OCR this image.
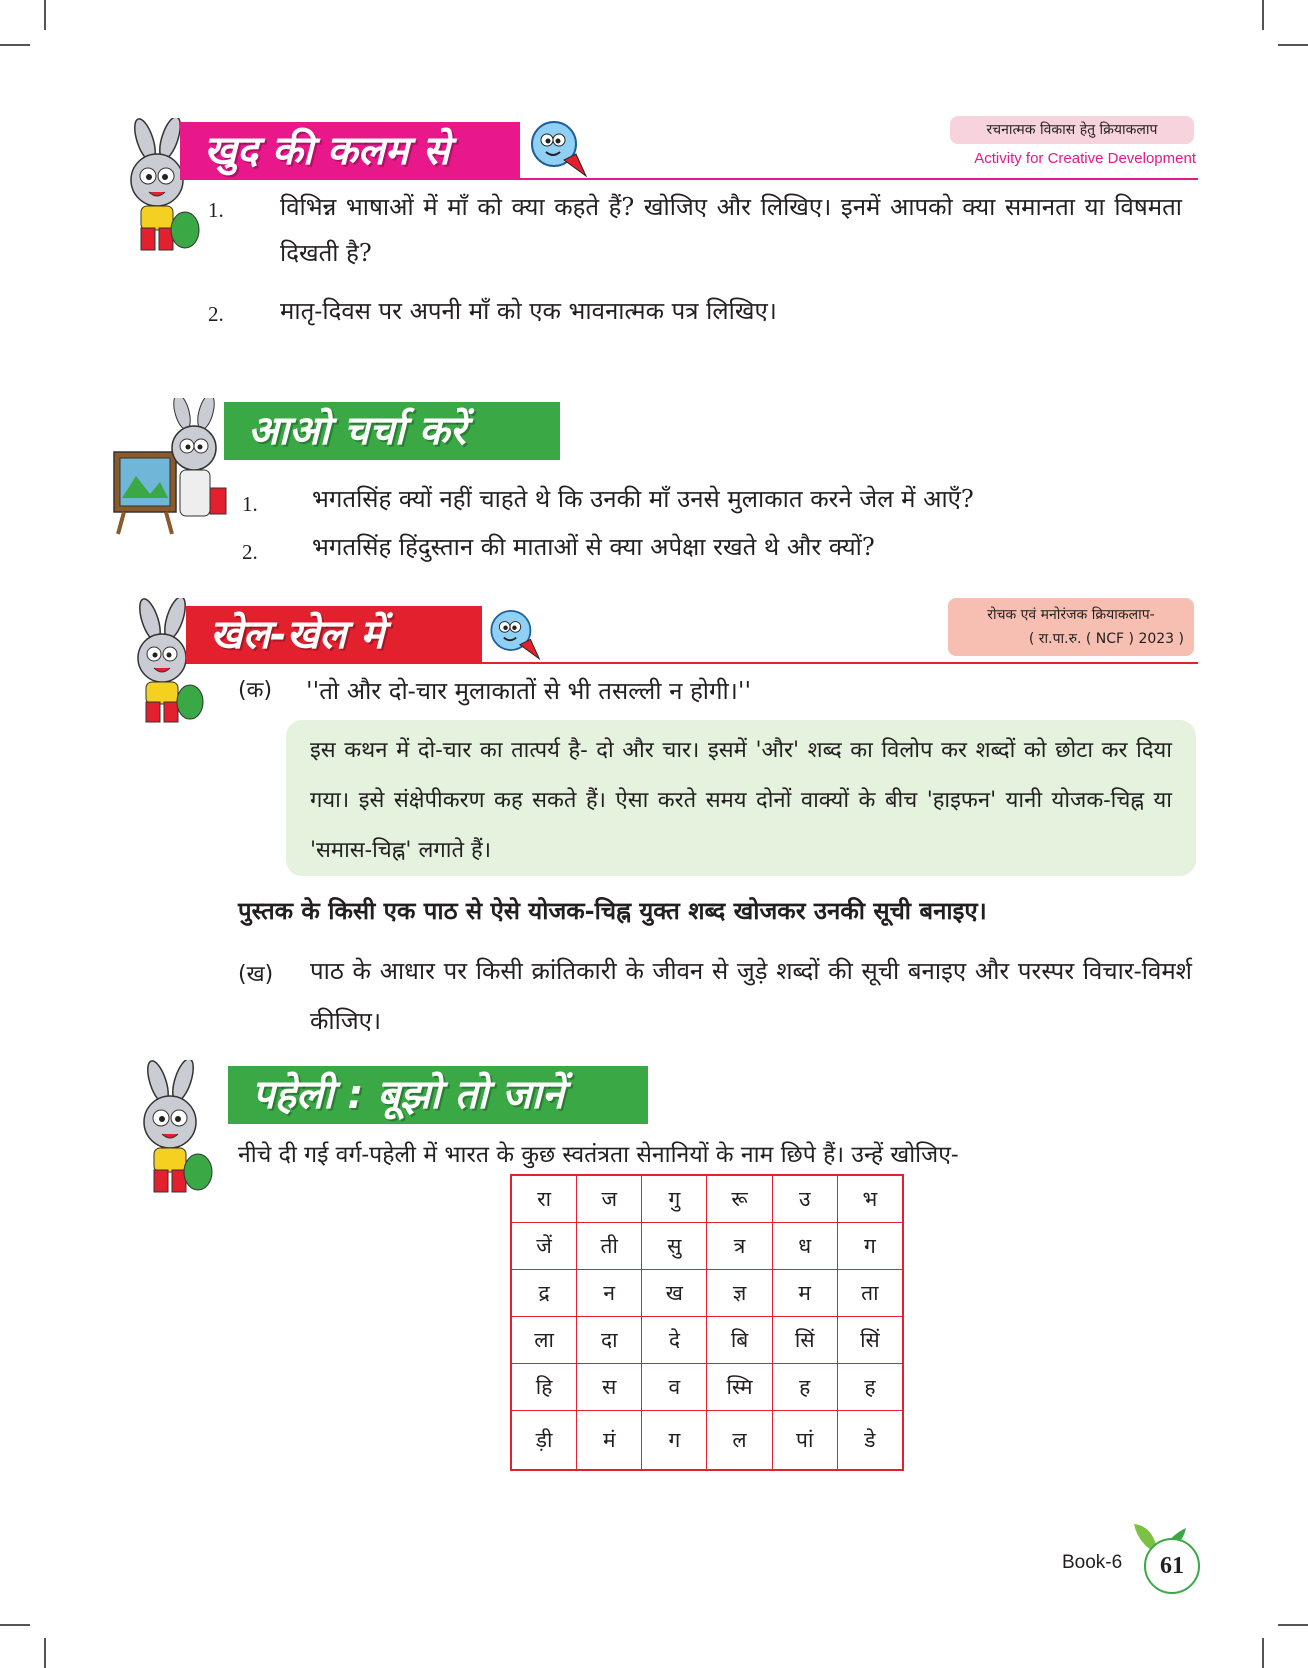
रचनात्मक विकास हेतु क्रियाकलाप
Activity for Creative Development
खुद की कलम से
1. विभिन्न भाषाओं में माँ को क्या कहते हैं? खोजिए और लिखिए। इनमें आपको क्या समानता या विषमता दिखती है?
2. मातृ-दिवस पर अपनी माँ को एक भावनात्मक पत्र लिखिए।
आओ चर्चा करें
1. भगतसिंह क्यों नहीं चाहते थे कि उनकी माँ उनसे मुलाकात करने जेल में आएँ?
2. भगतसिंह हिंदुस्तान की माताओं से क्या अपेक्षा रखते थे और क्यों?
खेल-खेल में	रोचक एवं मनोरंजक क्रियाकलाप-
( रा.पा.रु. ( NCF ) 2023 )
(क) ''तो और दो-चार मुलाकातों से भी तसल्ली न होगी।''
इस कथन में दो-चार का तात्पर्य है- दो और चार। इसमें 'और' शब्द का विलोप कर शब्दों को छोटा कर दिया गया। इसे संक्षेपीकरण कह सकते हैं। ऐसा करते समय दोनों वाक्यों के बीच 'हाइफन' यानी योजक-चिह्न या 'समास-चिह्न' लगाते हैं।
पुस्तक के किसी एक पाठ से ऐसे योजक-चिह्न युक्त शब्द खोजकर उनकी सूची बनाइए।
(ख) पाठ के आधार पर किसी क्रांतिकारी के जीवन से जुड़े शब्दों की सूची बनाइए और परस्पर विचार-विमर्श कीजिए।
पहेली : बूझो तो जानें
नीचे दी गई वर्ग-पहेली में भारत के कुछ स्वतंत्रता सेनानियों के नाम छिपे हैं। उन्हें खोजिए-
रा	ज	गु	रू	उ	भ
जें	ती	सु	त्र	ध	ग
द्र	न	ख	ज्ञ	म	ता
ला	दा	दे	बि	सिं	सिं
हि	स	व	स्मि	ह	ह
ड़ी	मं	ग	ल	पां	डे
Book-6	61
